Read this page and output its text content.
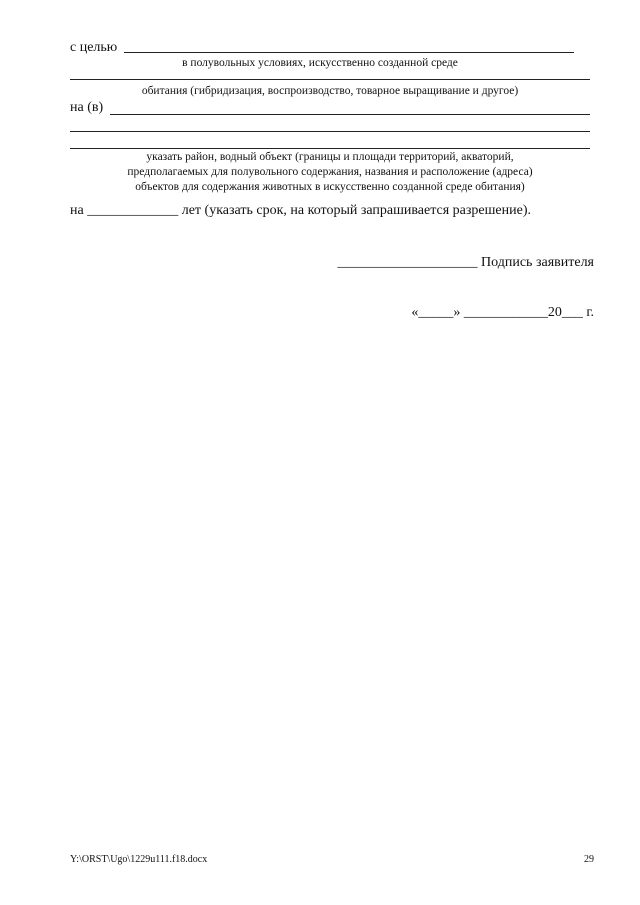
с целью
в полувольных условиях, искусственно созданной среде
обитания (гибридизация, воспроизводство, товарное выращивание и другое)
на (в)
указать район, водный объект (границы и площади территорий, акваторий,
предполагаемых для полувольного содержания, названия и расположение (адреса)
объектов для содержания животных в искусственно созданной среде обитания)
на _____________ лет (указать срок, на который запрашивается разрешение).
____________________ Подпись заявителя
«_____» ____________20___ г.
Y:\ORST\Ugo\1229u111.f18.docx	29
